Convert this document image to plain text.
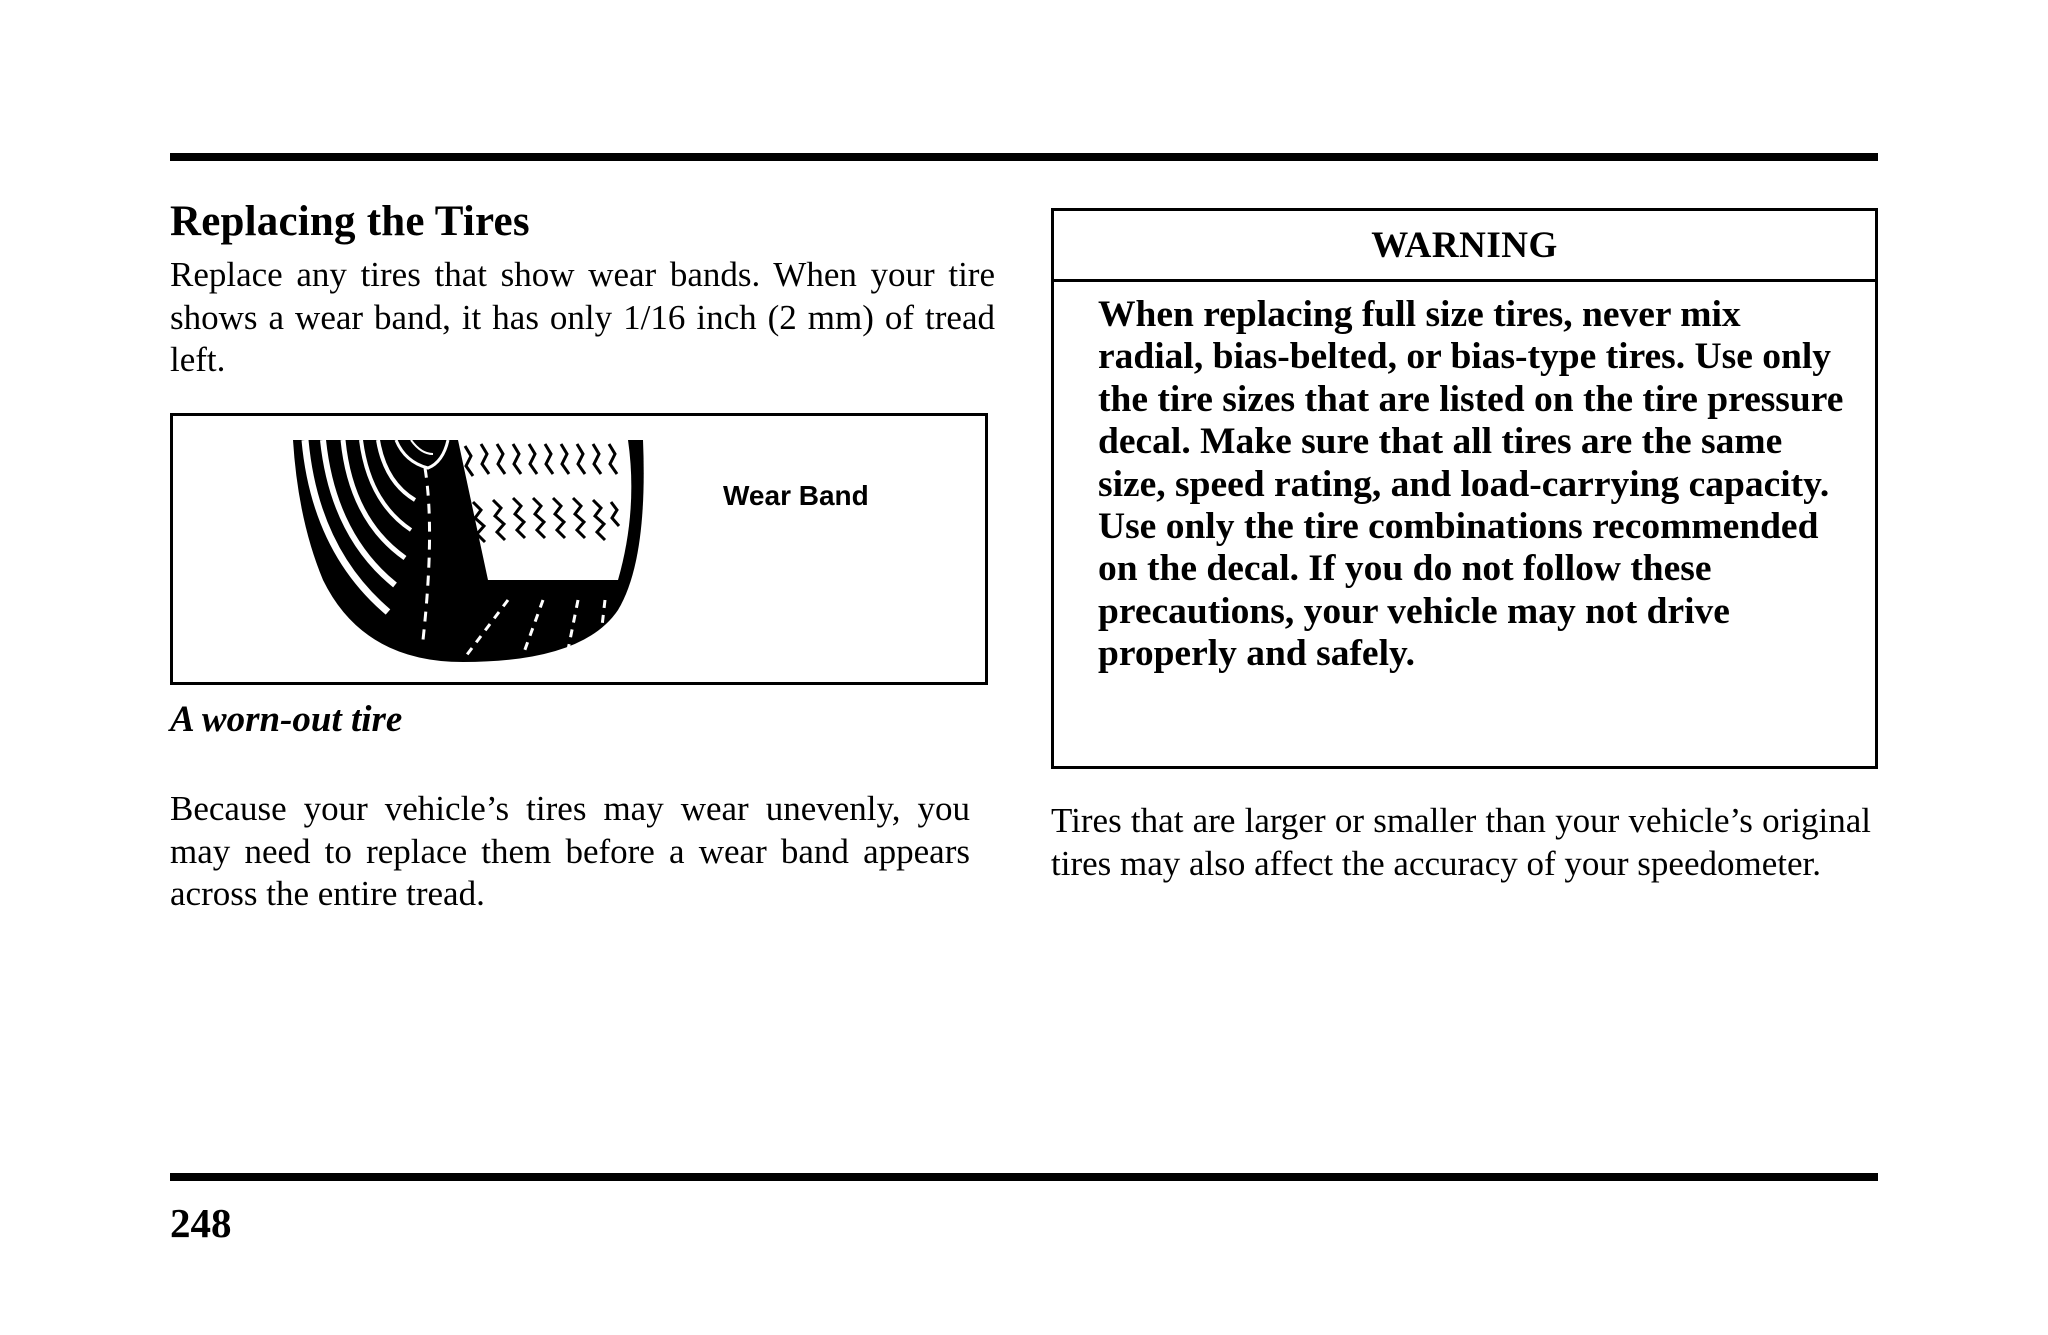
Replacing the Tires

Replace any tires that show wear bands. When your tire shows a wear band, it has only 1/16 inch (2 mm) of tread left.

Wear Band
A worn-out tire

Because your vehicle’s tires may wear unevenly, you may need to replace them before a wear band appears across the entire tread.

WARNING
When replacing full size tires, never mix radial, bias-belted, or bias-type tires. Use only the tire sizes that are listed on the tire pressure decal. Make sure that all tires are the same size, speed rating, and load-carrying capacity. Use only the tire combinations recommended on the decal. If you do not follow these precautions, your vehicle may not drive properly and safely.

Tires that are larger or smaller than your vehicle’s original tires may also affect the accuracy of your speedometer.

248
